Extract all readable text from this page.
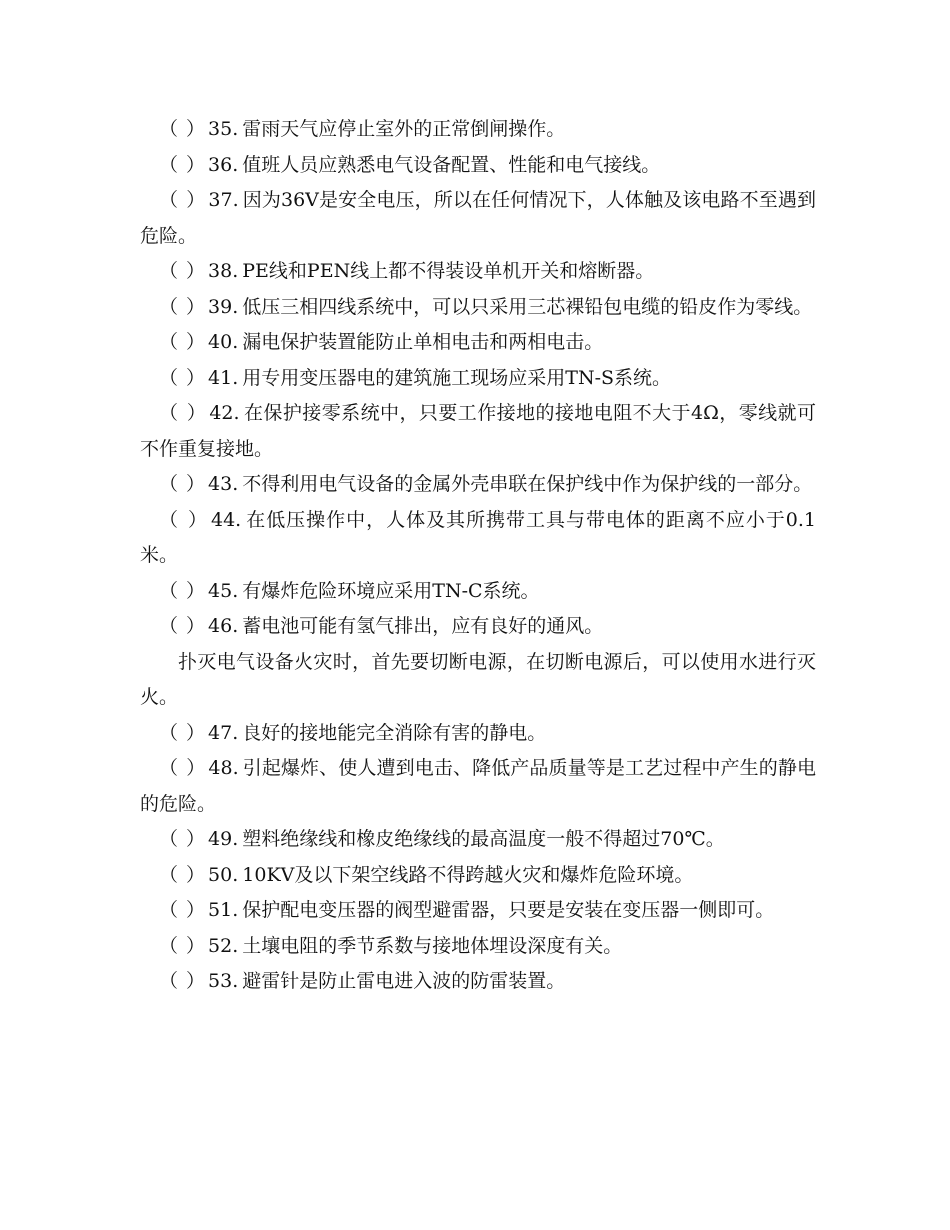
（ ） 35. 雷雨天气应停止室外的正常倒闸操作。

（ ） 36. 值班人员应熟悉电气设备配置、性能和电气接线。

（ ） 37. 因为36V是安全电压，所以在任何情况下，人体触及该电路不至遇到危险。

（ ） 38. PE线和PEN线上都不得装设单机开关和熔断器。

（ ） 39. 低压三相四线系统中，可以只采用三芯裸铅包电缆的铅皮作为零线。

（ ） 40. 漏电保护装置能防止单相电击和两相电击。

（ ） 41. 用专用变压器电的建筑施工现场应采用TN-S系统。

（ ） 42. 在保护接零系统中，只要工作接地的接地电阻不大于4Ω，零线就可不作重复接地。

（ ） 43. 不得利用电气设备的金属外壳串联在保护线中作为保护线的一部分。

（ ） 44. 在低压操作中，人体及其所携带工具与带电体的距离不应小于0.1米。

（ ） 45. 有爆炸危险环境应采用TN-C系统。

（ ） 46. 蓄电池可能有氢气排出，应有良好的通风。

扑灭电气设备火灾时，首先要切断电源，在切断电源后，可以使用水进行灭火。

（ ） 47. 良好的接地能完全消除有害的静电。

（ ） 48. 引起爆炸、使人遭到电击、降低产品质量等是工艺过程中产生的静电的危险。

（ ） 49. 塑料绝缘线和橡皮绝缘线的最高温度一般不得超过70℃。

（ ） 50. 10KV及以下架空线路不得跨越火灾和爆炸危险环境。

（ ） 51. 保护配电变压器的阀型避雷器，只要是安装在变压器一侧即可。

（ ） 52. 土壤电阻的季节系数与接地体埋设深度有关。

（ ） 53. 避雷针是防止雷电进入波的防雷装置。
